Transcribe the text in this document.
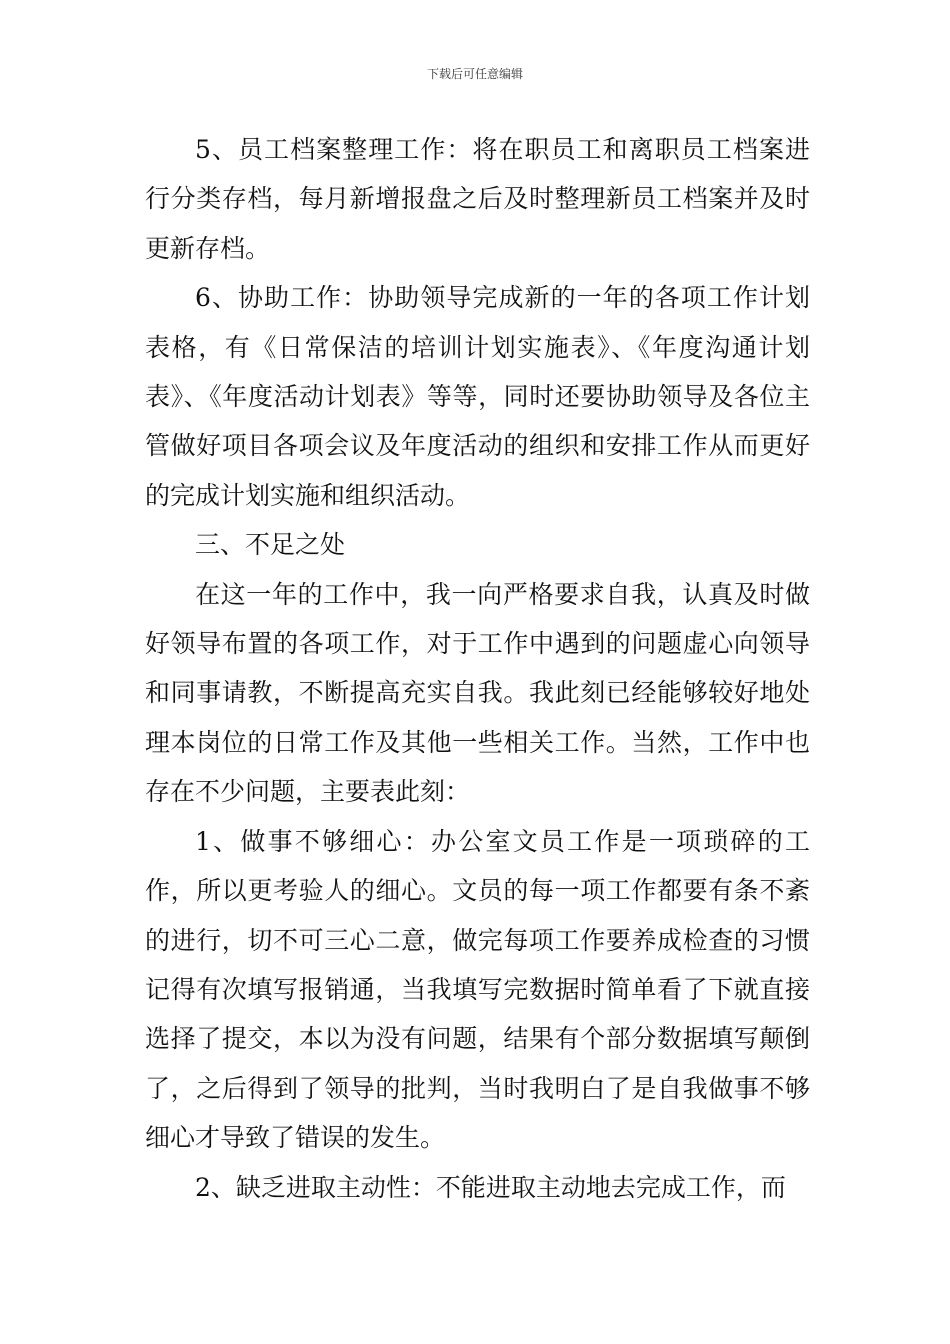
下载后可任意编辑

5、员工档案整理工作：将在职员工和离职员工档案进行分类存档，每月新增报盘之后及时整理新员工档案并及时更新存档。

6、协助工作：协助领导完成新的一年的各项工作计划表格，有《日常保洁的培训计划实施表》、《年度沟通计划表》、《年度活动计划表》等等，同时还要协助领导及各位主管做好项目各项会议及年度活动的组织和安排工作从而更好的完成计划实施和组织活动。

三、不足之处

在这一年的工作中，我一向严格要求自我，认真及时做好领导布置的各项工作，对于工作中遇到的问题虚心向领导和同事请教，不断提高充实自我。我此刻已经能够较好地处理本岗位的日常工作及其他一些相关工作。当然，工作中也存在不少问题，主要表此刻：

1、做事不够细心：办公室文员工作是一项琐碎的工作，所以更考验人的细心。文员的每一项工作都要有条不紊的进行，切不可三心二意，做完每项工作要养成检查的习惯记得有次填写报销通，当我填写完数据时简单看了下就直接选择了提交，本以为没有问题，结果有个部分数据填写颠倒了，之后得到了领导的批判，当时我明白了是自我做事不够细心才导致了错误的发生。

2、缺乏进取主动性：不能进取主动地去完成工作，而
